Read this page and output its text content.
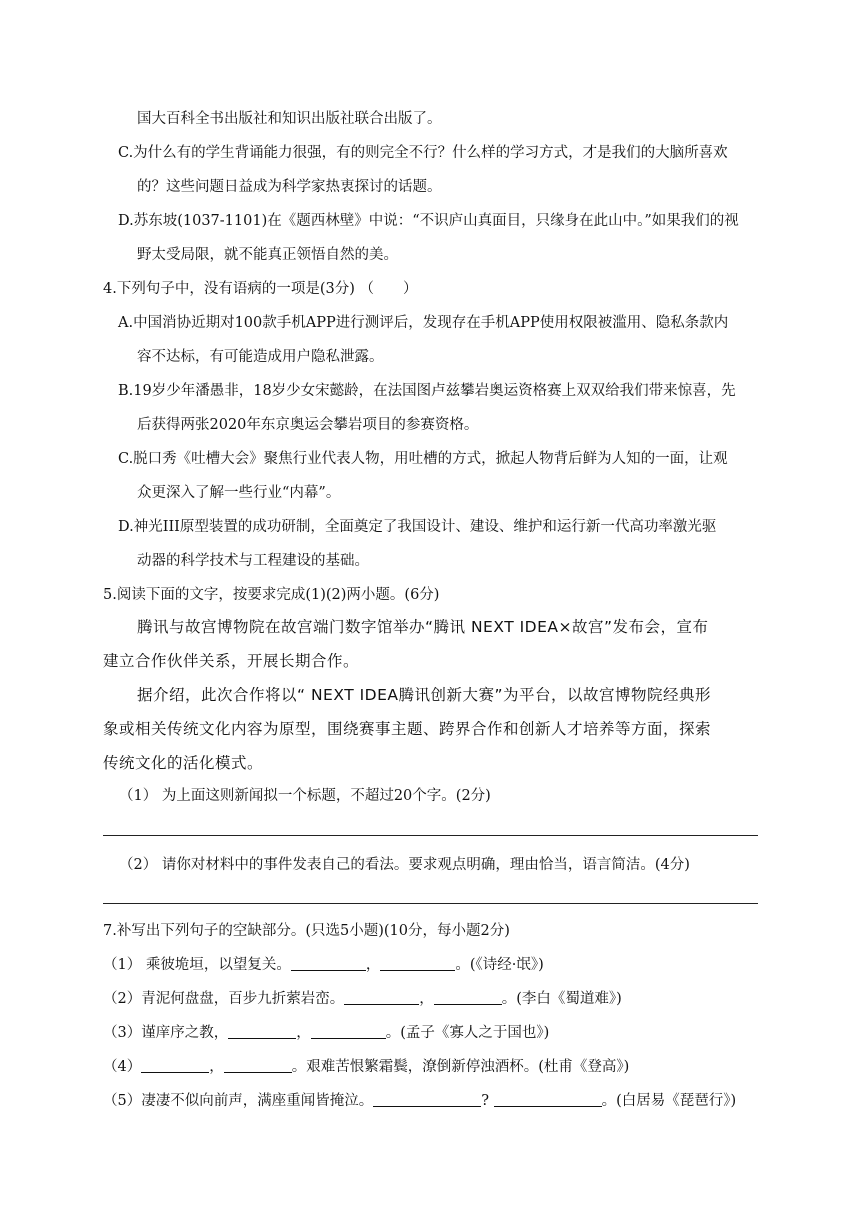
国大百科全书出版社和知识出版社联合出版了。
C.为什么有的学生背诵能力很强，有的则完全不行？什么样的学习方式，才是我们的大脑所喜欢
的？这些问题日益成为科学家热衷探讨的话题。
D.苏东坡(1037-1101)在《题西林壁》中说：“不识庐山真面目，只缘身在此山中。”如果我们的视
野太受局限，就不能真正领悟自然的美。
4.下列句子中，没有语病的一项是(3分) （　　）
A.中国消协近期对100款手机APP进行测评后，发现存在手机APP使用权限被滥用、隐私条款内
容不达标，有可能造成用户隐私泄露。
B.19岁少年潘愚非，18岁少女宋懿龄，在法国图卢兹攀岩奥运资格赛上双双给我们带来惊喜，先
后获得两张2020年东京奥运会攀岩项目的参赛资格。
C.脱口秀《吐槽大会》聚焦行业代表人物，用吐槽的方式，掀起人物背后鲜为人知的一面，让观
众更深入了解一些行业“内幕”。
D.神光III原型装置的成功研制，全面奠定了我国设计、建设、维护和运行新一代高功率激光驱
动器的科学技术与工程建设的基础。
5.阅读下面的文字，按要求完成(1)(2)两小题。(6分)
腾讯与故宫博物院在故宫端门数字馆举办“腾讯 NEXT IDEA×故宫”发布会，宣布
建立合作伙伴关系，开展长期合作。
据介绍，此次合作将以“ NEXT IDEA腾讯创新大赛”为平台，以故宫博物院经典形
象或相关传统文化内容为原型，围绕赛事主题、跨界合作和创新人才培养等方面，探索
传统文化的活化模式。
（1） 为上面这则新闻拟一个标题，不超过20个字。(2分)
（2） 请你对材料中的事件发表自己的看法。要求观点明确，理由恰当，语言简洁。(4分)
7.补写出下列句子的空缺部分。(只选5小题)(10分，每小题2分)
（1） 乘彼垝垣，以望复关。	，	。(《诗经·氓》)
（2）青泥何盘盘，百步九折萦岩峦。	，	。(李白《蜀道难》)
（3）谨庠序之教，	，	。(孟子《寡人之于国也》)
（4）	，	。艰难苦恨繁霜鬓，潦倒新停浊酒杯。(杜甫《登高》)
（5）凄凄不似向前声，满座重闻皆掩泣。	?	。(白居易《琵琶行》)
